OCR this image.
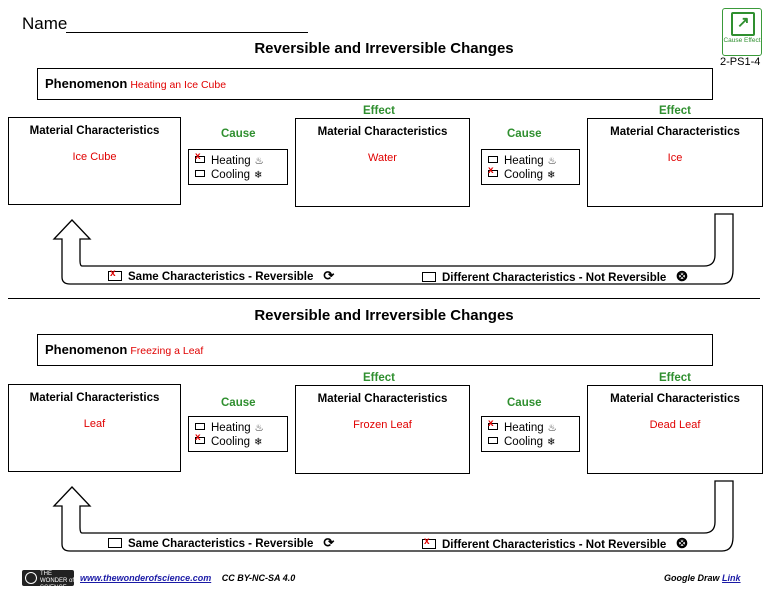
Name	↗
Cause Effect
2-PS1-4
Reversible and Irreversible Changes
Phenomenon Heating an Ice Cube
Effect	Effect
Material Characteristics
Ice Cube
Cause
x Heating ♨
Cooling ❄
Material Characteristics
Water
Cause
Heating ♨
x Cooling ❄
Material Characteristics
Ice
x Same Characteristics - Reversible ⟳	Different Characteristics - Not Reversible ⨷
Reversible and Irreversible Changes
Phenomenon Freezing a Leaf
Effect	Effect
Material Characteristics
Leaf
Cause
Heating ♨
x Cooling ❄
Material Characteristics
Frozen Leaf
Cause
x Heating ♨
Cooling ❄
Material Characteristics
Dead Leaf
Same Characteristics - Reversible ⟳	x Different Characteristics - Not Reversible ⨷
THE WONDER of SCIENCE
www.thewonderofscience.com CC BY-NC-SA 4.0	Google Draw Link
